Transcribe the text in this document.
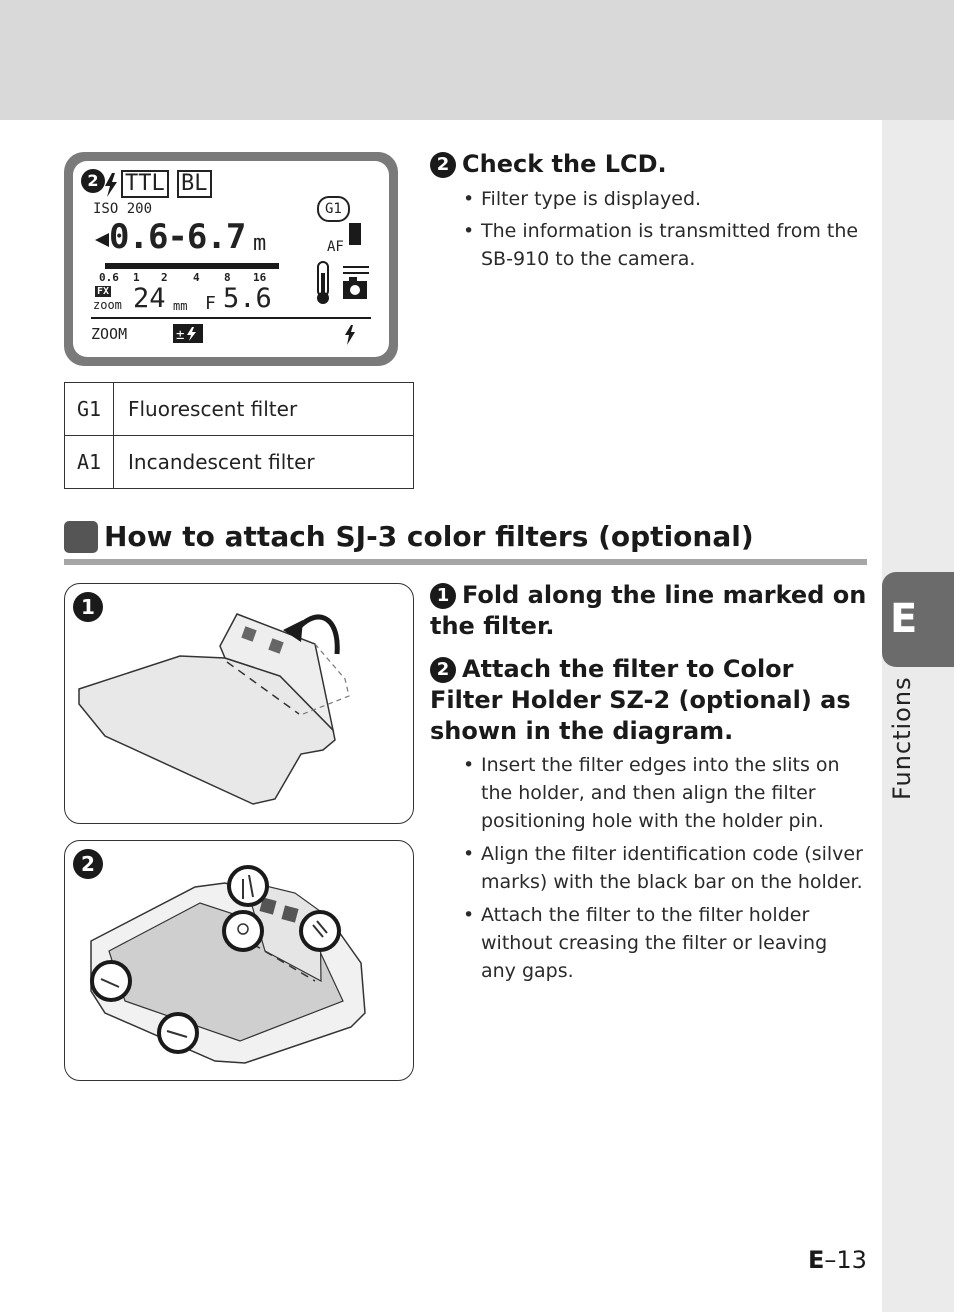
E
Functions
2 TTL BL
ISO 200
0.6-6.7 m
0.6 1 2 4 8 16
FX
zoom 24 mm F 5.6
G1
AF
ZOOM	±
G1	Fluorescent filter
A1	Incandescent filter
2 Check the LCD.
• Filter type is displayed.
• The information is transmitted from the SB-910 to the camera.
How to attach SJ-3 color filters (optional)
1
2
1 Fold along the line marked on the filter.
2 Attach the filter to Color Filter Holder SZ-2 (optional) as shown in the diagram.
• Insert the filter edges into the slits on the holder, and then align the filter positioning hole with the holder pin.
• Align the filter identification code (silver marks) with the black bar on the holder.
• Attach the filter to the filter holder without creasing the filter or leaving any gaps.
E–13
